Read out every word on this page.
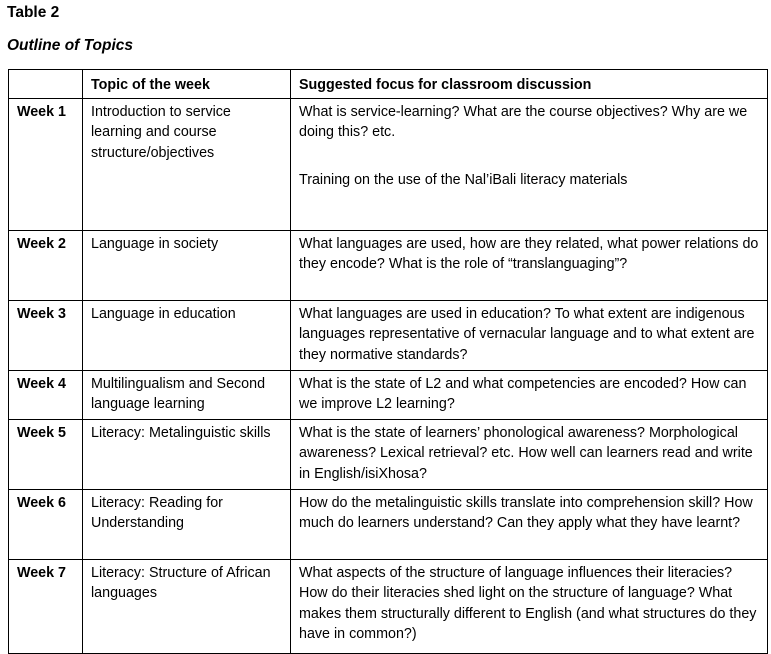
Table 2

Outline of Topics

	Topic of the week	Suggested focus for classroom discussion
Week 1	Introduction to service learning and course structure/objectives	What is service-learning? What are the course objectives? Why are we doing this? etc.
Training on the use of the Nal’iBali literacy materials

Week 2	Language in society	What languages are used, how are they related, what power relations do they encode? What is the role of “translanguaging”?
Week 3	Language in education	What languages are used in education? To what extent are indigenous languages representative of vernacular language and to what extent are they normative standards?
Week 4	Multilingualism and Second language learning	What is the state of L2 and what competencies are encoded? How can we improve L2 learning?
Week 5	Literacy: Metalinguistic skills	What is the state of learners’ phonological awareness? Morphological awareness? Lexical retrieval? etc. How well can learners read and write in English/isiXhosa?
Week 6	Literacy: Reading for Understanding	How do the metalinguistic skills translate into comprehension skill? How much do learners understand? Can they apply what they have learnt?
Week 7	Literacy: Structure of African languages	What aspects of the structure of language influences their literacies? How do their literacies shed light on the structure of language? What makes them structurally different to English (and what structures do they have in common?)
